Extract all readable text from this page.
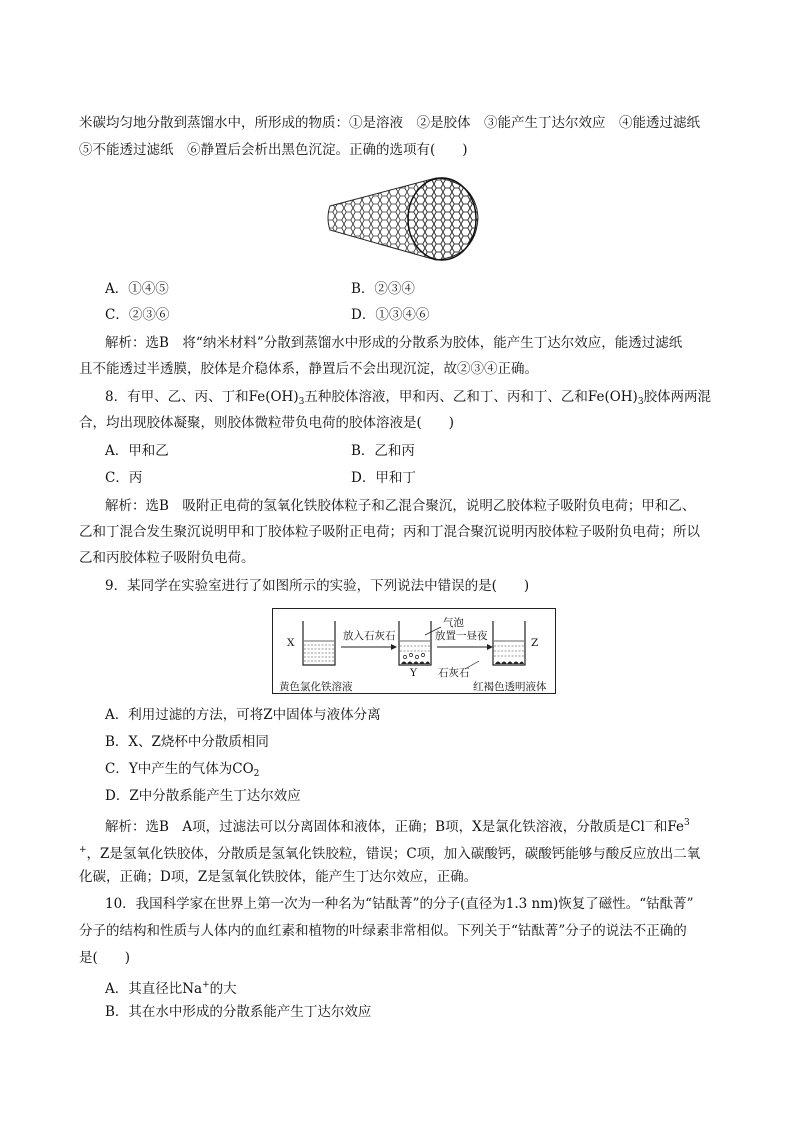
米碳均匀地分散到蒸馏水中，所形成的物质：①是溶液　②是胶体　③能产生丁达尔效应　④能透过滤纸
⑤不能透过滤纸　⑥静置后会析出黑色沉淀。正确的选项有(　　)
A．①④⑤	B．②③④
C．②③⑥	D．①③④⑥
解析：选B　将“纳米材料”分散到蒸馏水中形成的分散系为胶体，能产生丁达尔效应，能透过滤纸
且不能透过半透膜，胶体是介稳体系，静置后不会出现沉淀，故②③④正确。
8．有甲、乙、丙、丁和$Fe(OH)_3$五种胶体溶液，甲和丙、乙和丁、丙和丁、乙和$Fe(OH)_3$胶体两两混
合，均出现胶体凝聚，则胶体微粒带负电荷的胶体溶液是(　　)
A．甲和乙	B．乙和丙
C．丙	D．甲和丁
解析：选B　吸附正电荷的氢氧化铁胶体粒子和乙混合聚沉，说明乙胶体粒子吸附负电荷；甲和乙、
乙和丁混合发生聚沉说明甲和丁胶体粒子吸附正电荷；丙和丁混合聚沉说明丙胶体粒子吸附负电荷；所以
乙和丙胶体粒子吸附负电荷。
9．某同学在实验室进行了如图所示的实验，下列说法中错误的是(　　)
X
放入石灰石
气泡
放置一昼夜
Y 石灰石
Z
黄色氯化铁溶液	红褐色透明液体
A．利用过滤的方法，可将Z中固体与液体分离
B．X、Z烧杯中分散质相同
C．Y中产生的气体为$CO_2$
D．Z中分散系能产生丁达尔效应
解析：选B　A项，过滤法可以分离固体和液体，正确；B项，X是氯化铁溶液，分散质是Cl－和Fe$^3$
+，Z是氢氧化铁胶体，分散质是氢氧化铁胶粒，错误；C项，加入碳酸钙，碳酸钙能够与酸反应放出二氧
化碳，正确；D项，Z是氢氧化铁胶体，能产生丁达尔效应，正确。
10．我国科学家在世界上第一次为一种名为“钴酞菁”的分子(直径为1.3 nm)恢复了磁性。“钴酞菁”
分子的结构和性质与人体内的血红素和植物的叶绿素非常相似。下列关于“钴酞菁”分子的说法不正确的
是(　　)
A．其直径比Na+的大
B．其在水中形成的分散系能产生丁达尔效应
